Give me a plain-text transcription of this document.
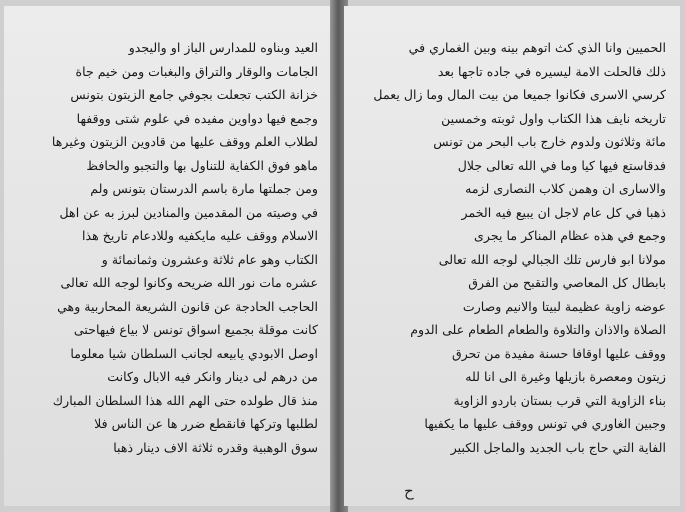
العيد وبناوه للمدارس الباز او واليجدو
الجامات والوقار والتراق والبغبات ومن خيم جاة
خزانة الكتب تجعلت بجوفي جامع الزيتون بتونس
وجمع فيها دواوين مفيده في علوم شتى ووقفها
لطلاب العلم ووقف عليها من قادوين الزيتون وغيرها
ماهو فوق الكفاية للتناول بها والتجبو والحافظ
ومن جملتها مارة باسم الدرستان بتونس ولم
في وصيته من المقدمين والمنادين لبرز به عن اهل
الاسلام ووقف عليه مايكفيه وللادعام تاريخ هذا
الكتاب وهو عام ثلاثة وعشرون وثمانمائة و
عشره مات نور الله ضريحه وكانوا لوجه الله تعالى
الحاجب الحادجة عن قانون الشريعة المحاربية وهي
كانت موقلة بجميع اسواق تونس لا بياع فيهاحتى
اوصل الابودي يابيعه لجانب السلطان شيا معلوما
من درهم لى دينار وانكر فيه الابال وكانت
منذ قال طولده حتى الهم الله هذا السلطان المبارك
لطلبها وتركها فانقطع ضرر ها عن الناس فلا
سوق الوهبية وقدره ثلاثة الاف دينار ذهبا
الحميين وانا الذي كث اتوهم بينه وبين الغماري في
ذلك فالحلت الامة ليسيره في جاده تاجها بعد
كرسي الاسرى فكانوا جميعا من بيت المال وما زال يعمل
تاريخه نايف هذا الكتاب واول ثوبته وخمسين
مائة وثلاثون ولدوم خارج باب البحر من تونس
فدقاستع فيها كيا وما في الله تعالى جلال
والاسارى ان وهمن كلاب النصارى لزمه
ذهبا في كل عام لاجل ان يبيع فيه الخمر
وجمع في هذه عظام المناكر ما يجرى
مولانا ابو فارس تلك الجبالي لوجه الله تعالى
بابطال كل المعاصي والتقبح من الفرق
عوضه زاوية عظيمة لبيتا والانيم وصارت
الصلاة والاذان والتلاوة والطعام الطعام على الدوم
ووقف عليها اوقافا حسنة مفيدة من تحرق
زيتون ومعصرة بازيلها وغيرة الى انا لله
بناء الزاوية التي قرب بستان باردو الزاوية
وجبين الغاوري في تونس ووقف عليها ما يكفيها
الفاية التي حاج باب الجديد والماجل الكبير
ح
